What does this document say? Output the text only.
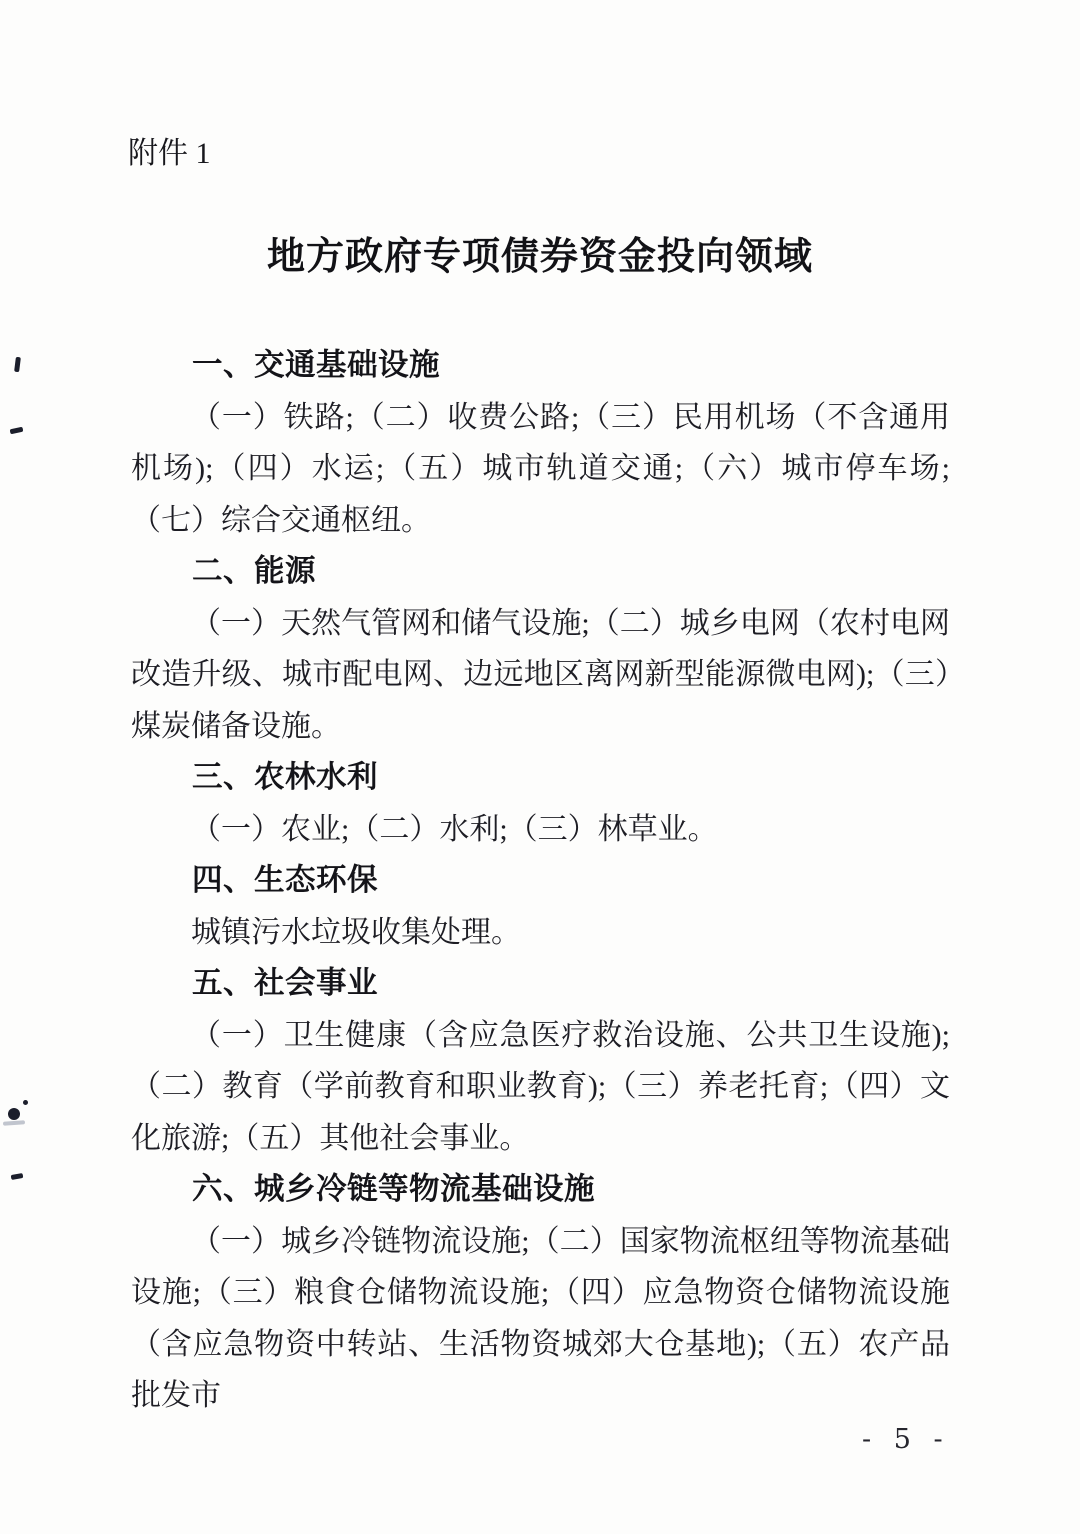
附件 1
地方政府专项债券资金投向领域
一、交通基础设施

（一）铁路;（二）收费公路;（三）民用机场（不含通用机场);（四）水运;（五）城市轨道交通;（六）城市停车场;（七）综合交通枢纽。

二、能源

（一）天然气管网和储气设施;（二）城乡电网（农村电网改造升级、城市配电网、边远地区离网新型能源微电网);（三）煤炭储备设施。

三、农林水利

（一）农业;（二）水利;（三）林草业。

四、生态环保

城镇污水垃圾收集处理。

五、社会事业

（一）卫生健康（含应急医疗救治设施、公共卫生设施);（二）教育（学前教育和职业教育);（三）养老托育;（四）文化旅游;（五）其他社会事业。

六、城乡冷链等物流基础设施

（一）城乡冷链物流设施;（二）国家物流枢纽等物流基础设施;（三）粮食仓储物流设施;（四）应急物资仓储物流设施（含应急物资中转站、生活物资城郊大仓基地);（五）农产品批发市

- 5 -
